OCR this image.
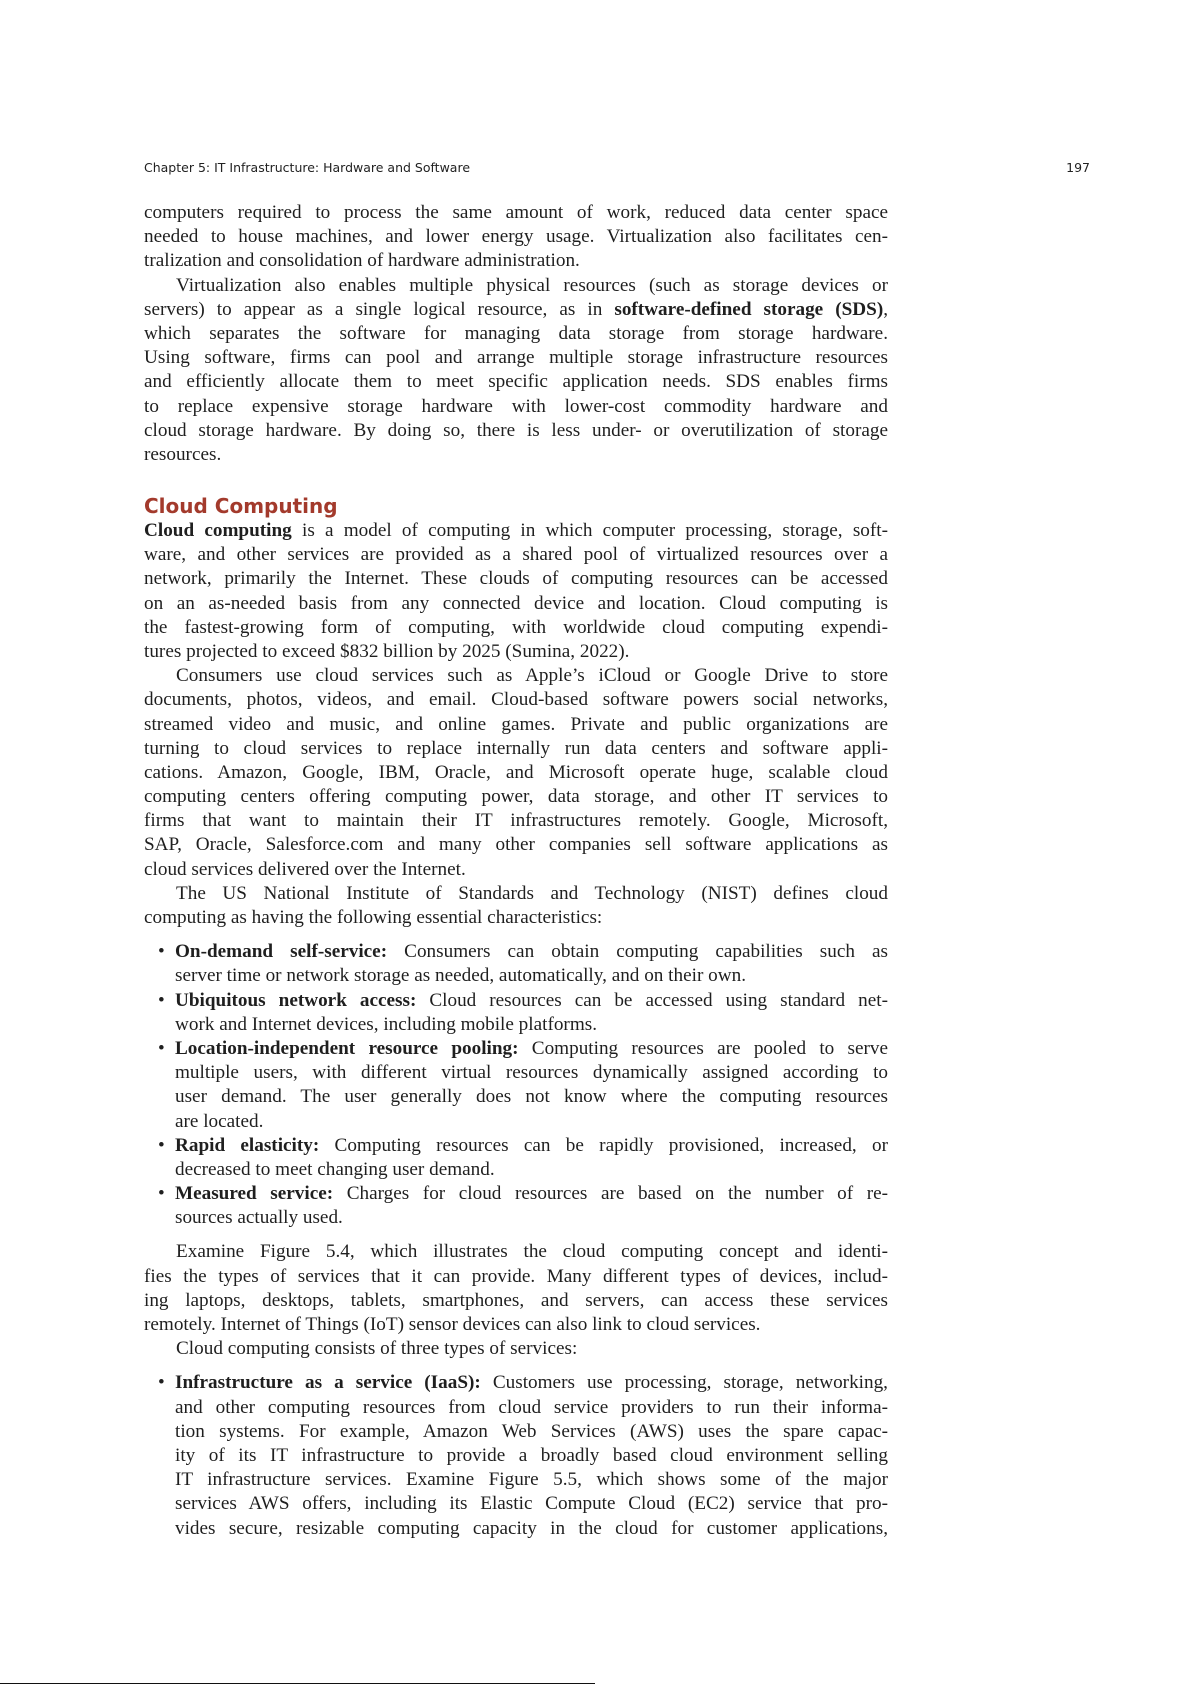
Chapter 5: IT Infrastructure: Hardware and Software	197
computers required to process the same amount of work, reduced data center space
needed to house machines, and lower energy usage. Virtualization also facilitates cen-
tralization and consolidation of hardware administration.
Virtualization also enables multiple physical resources (such as storage devices or
servers) to appear as a single logical resource, as in software-defined storage (SDS),
which separates the software for managing data storage from storage hardware.
Using software, firms can pool and arrange multiple storage infrastructure resources
and efficiently allocate them to meet specific application needs. SDS enables firms
to replace expensive storage hardware with lower-cost commodity hardware and
cloud storage hardware. By doing so, there is less under- or overutilization of storage
resources.
Cloud Computing
Cloud computing is a model of computing in which computer processing, storage, soft-
ware, and other services are provided as a shared pool of virtualized resources over a
network, primarily the Internet. These clouds of computing resources can be accessed
on an as-needed basis from any connected device and location. Cloud computing is
the fastest-growing form of computing, with worldwide cloud computing expendi-
tures projected to exceed $832 billion by 2025 (Sumina, 2022).
Consumers use cloud services such as Apple’s iCloud or Google Drive to store
documents, photos, videos, and email. Cloud-based software powers social networks,
streamed video and music, and online games. Private and public organizations are
turning to cloud services to replace internally run data centers and software appli-
cations. Amazon, Google, IBM, Oracle, and Microsoft operate huge, scalable cloud
computing centers offering computing power, data storage, and other IT services to
firms that want to maintain their IT infrastructures remotely. Google, Microsoft,
SAP, Oracle, Salesforce.com and many other companies sell software applications as
cloud services delivered over the Internet.
The US National Institute of Standards and Technology (NIST) defines cloud
computing as having the following essential characteristics:
• On-demand self-service: Consumers can obtain computing capabilities such as
server time or network storage as needed, automatically, and on their own.
• Ubiquitous network access: Cloud resources can be accessed using standard net-
work and Internet devices, including mobile platforms.
• Location-independent resource pooling: Computing resources are pooled to serve
multiple users, with different virtual resources dynamically assigned according to
user demand. The user generally does not know where the computing resources
are located.
• Rapid elasticity: Computing resources can be rapidly provisioned, increased, or
decreased to meet changing user demand.
• Measured service: Charges for cloud resources are based on the number of re-
sources actually used.
Examine Figure 5.4, which illustrates the cloud computing concept and identi-
fies the types of services that it can provide. Many different types of devices, includ-
ing laptops, desktops, tablets, smartphones, and servers, can access these services
remotely. Internet of Things (IoT) sensor devices can also link to cloud services.
Cloud computing consists of three types of services:
• Infrastructure as a service (IaaS): Customers use processing, storage, networking,
and other computing resources from cloud service providers to run their informa-
tion systems. For example, Amazon Web Services (AWS) uses the spare capac-
ity of its IT infrastructure to provide a broadly based cloud environment selling
IT infrastructure services. Examine Figure 5.5, which shows some of the major
services AWS offers, including its Elastic Compute Cloud (EC2) service that pro-
vides secure, resizable computing capacity in the cloud for customer applications,
